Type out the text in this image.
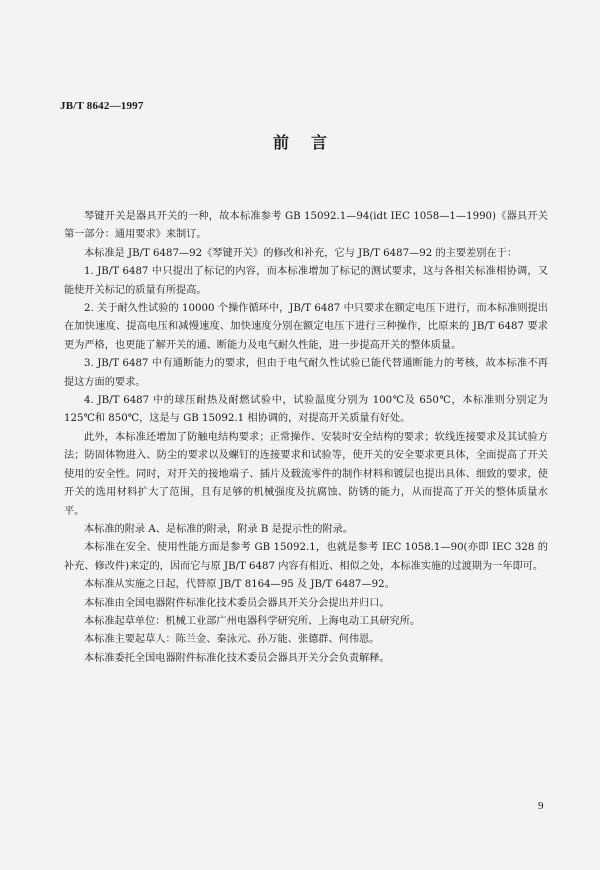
JB/T 8642—1997
前言

琴键开关是器具开关的一种，故本标准参考 GB 15092.1—94(idt IEC 1058—1—1990)《器具开关 第一部分：通用要求》来制订。

本标准是 JB/T 6487—92《琴键开关》的修改和补充，它与 JB/T 6487—92 的主要差别在于：

1. JB/T 6487 中只提出了标记的内容，而本标准增加了标记的测试要求，这与各相关标准相协调，又能使开关标记的质量有所提高。

2. 关于耐久性试验的 10000 个操作循环中，JB/T 6487 中只要求在额定电压下进行，而本标准则提出在加快速度、提高电压和减慢速度、加快速度分别在额定电压下进行三种操作，比原来的 JB/T 6487 要求更为严格，也更能了解开关的通、断能力及电气耐久性能，进一步提高开关的整体质量。

3. JB/T 6487 中有通断能力的要求，但由于电气耐久性试验已能代替通断能力的考核，故本标准不再提这方面的要求。

4. JB/T 6487 中的球压耐热及耐燃试验中，试验温度分别为 100℃及 650℃，本标准则分别定为 125℃和 850℃，这是与 GB 15092.1 相协调的，对提高开关质量有好处。

此外，本标准还增加了防触电结构要求；正常操作、安装时安全结构的要求；软线连接要求及其试验方法；防固体物进入、防尘的要求以及螺钉的连接要求和试验等，使开关的安全要求更具体，全面提高了开关使用的安全性。同时，对开关的接地端子、插片及载流零件的制作材料和镀层也提出具体、细致的要求，使开关的选用材料扩大了范围，且有足够的机械强度及抗腐蚀、防锈的能力，从而提高了开关的整体质量水平。

本标准的附录 A、是标准的附录，附录 B 是提示性的附录。

本标准在安全、使用性能方面是参考 GB 15092.1，也就是参考 IEC 1058.1—90(亦即 IEC 328 的补充、修改件)来定的，因而它与原 JB/T 6487 内容有相近、相似之处，本标准实施的过渡期为一年即可。

本标准从实施之日起，代替原 JB/T 8164—95 及 JB/T 6487—92。

本标准由全国电器附件标准化技术委员会器具开关分会提出并归口。

本标准起草单位：机械工业部广州电器科学研究所、上海电动工具研究所。

本标准主要起草人：陈兰金、秦泳元、孙万能、张德群、何伟恩。

本标准委托全国电器附件标准化技术委员会器具开关分会负责解释。

9
